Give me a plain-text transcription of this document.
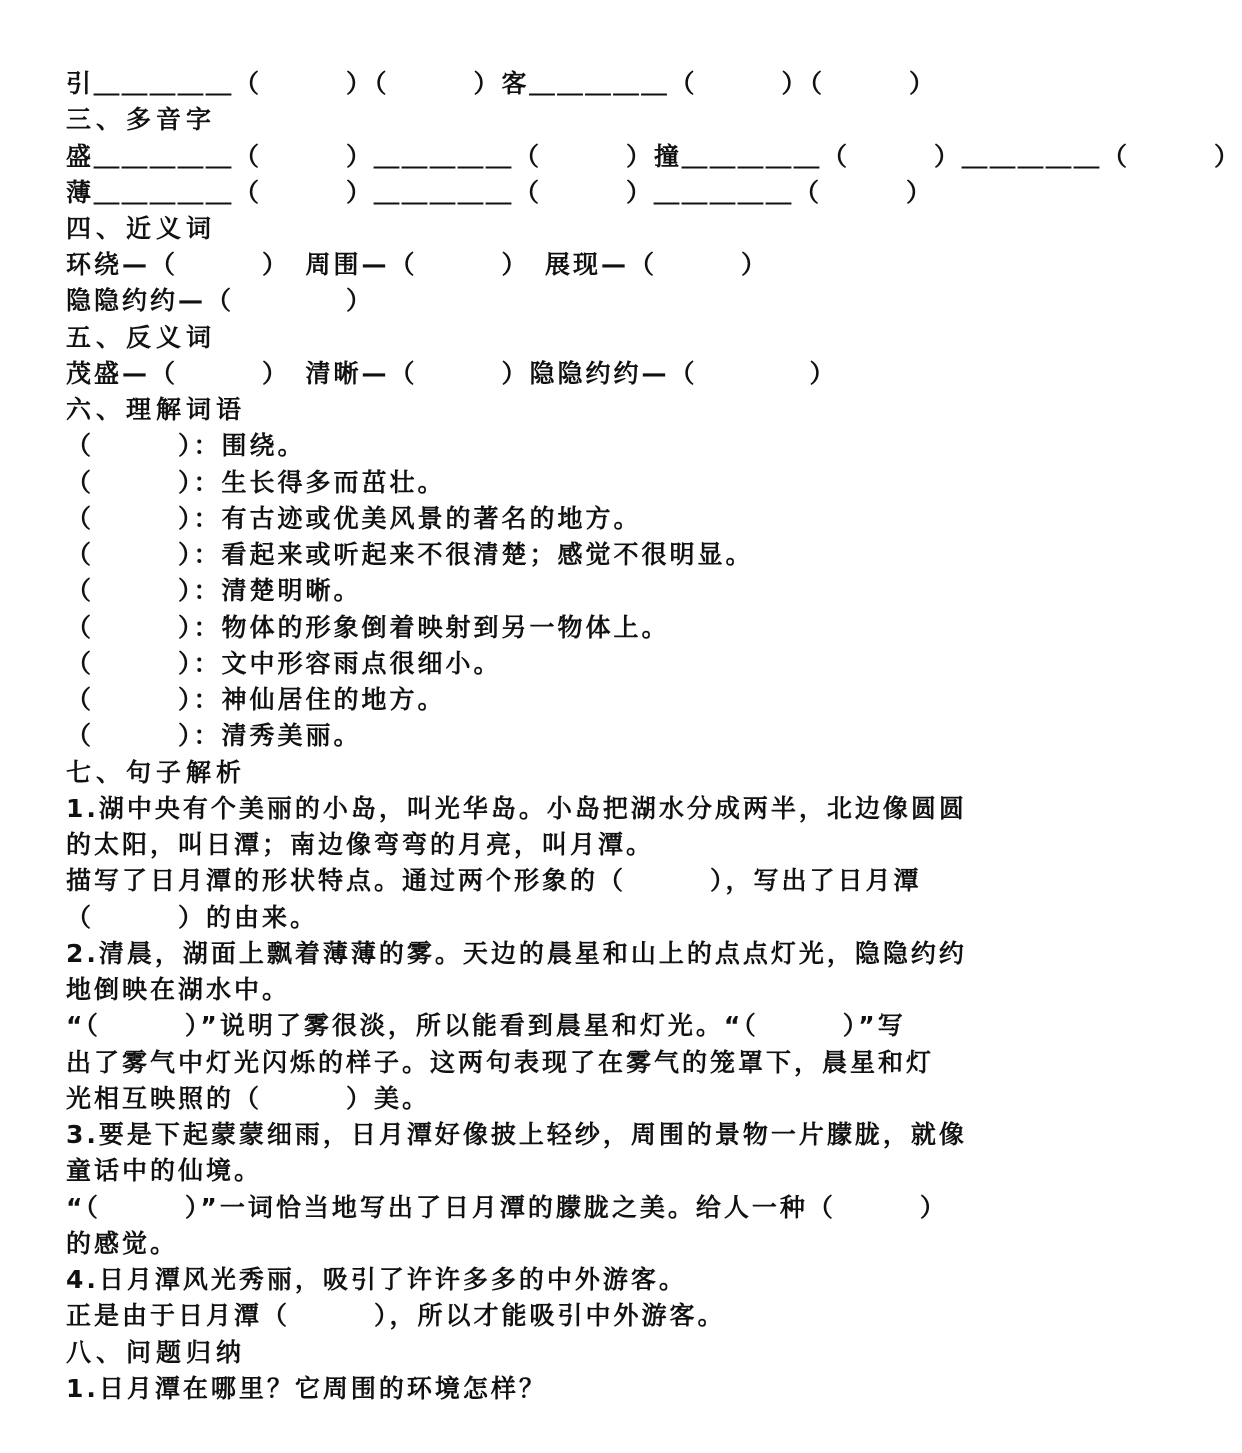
引＿＿＿＿＿（　　　）（　　　）客＿＿＿＿＿（　　　）（　　　）
三、多音字
盛＿＿＿＿＿（　　　）＿＿＿＿＿（　　　）撞＿＿＿＿＿（　　　）＿＿＿＿＿（　　　）
薄＿＿＿＿＿（　　　）＿＿＿＿＿（　　　）＿＿＿＿＿（　　　）
四、近义词
环绕—（　　　）　周围—（　　　）　展现—（　　　）
隐隐约约—（　　　　）
五、反义词
茂盛—（　　　）　清晰—（　　　）隐隐约约—（　　　　）
六、理解词语
（　　　）：围绕。
（　　　）：生长得多而茁壮。
（　　　）：有古迹或优美风景的著名的地方。
（　　　）：看起来或听起来不很清楚；感觉不很明显。
（　　　）：清楚明晰。
（　　　）：物体的形象倒着映射到另一物体上。
（　　　）：文中形容雨点很细小。
（　　　）：神仙居住的地方。
（　　　）：清秀美丽。
七、句子解析
1.湖中央有个美丽的小岛，叫光华岛。小岛把湖水分成两半，北边像圆圆
的太阳，叫日潭；南边像弯弯的月亮，叫月潭。
描写了日月潭的形状特点。通过两个形象的（　　　），写出了日月潭
（　　　）的由来。
2.清晨，湖面上飘着薄薄的雾。天边的晨星和山上的点点灯光，隐隐约约
地倒映在湖水中。
“（　　　）”说明了雾很淡，所以能看到晨星和灯光。“（　　　）”写
出了雾气中灯光闪烁的样子。这两句表现了在雾气的笼罩下，晨星和灯
光相互映照的（　　　）美。
3.要是下起蒙蒙细雨，日月潭好像披上轻纱，周围的景物一片朦胧，就像
童话中的仙境。
“（　　　）”一词恰当地写出了日月潭的朦胧之美。给人一种（　　　）
的感觉。
4.日月潭风光秀丽，吸引了许许多多的中外游客。
正是由于日月潭（　　　），所以才能吸引中外游客。
八、问题归纳
1.日月潭在哪里？它周围的环境怎样？
